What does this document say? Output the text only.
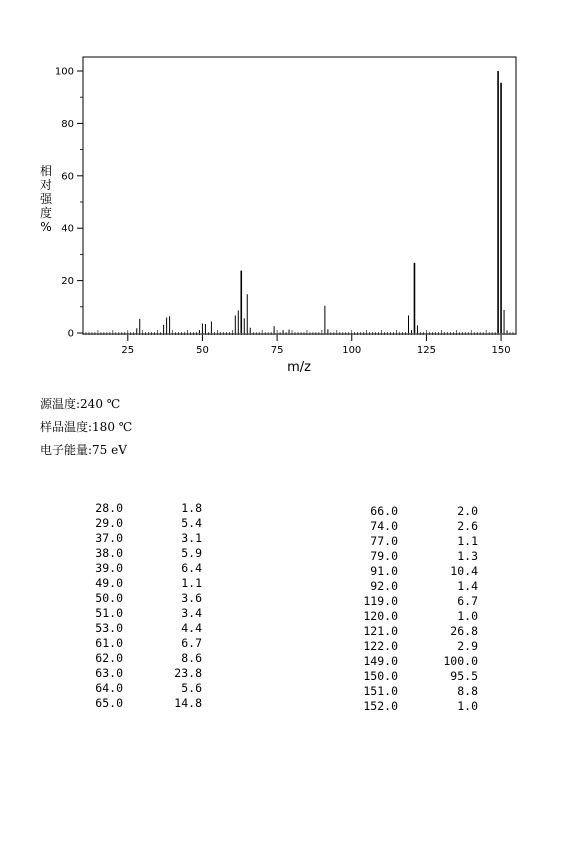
25	50	75	100	125	150
0
20
40
60
80
100
m/z
相对强度%
源温度:240 ℃
样品温度:180 ℃
电子能量:75 eV
28.0	1.8
29.0	5.4
37.0	3.1
38.0	5.9
39.0	6.4
49.0	1.1
50.0	3.6
51.0	3.4
53.0	4.4
61.0	6.7
62.0	8.6
63.0	23.8
64.0	5.6
65.0	14.8
66.0	2.0
74.0	2.6
77.0	1.1
79.0	1.3
91.0	10.4
92.0	1.4
119.0	6.7
120.0	1.0
121.0	26.8
122.0	2.9
149.0	100.0
150.0	95.5
151.0	8.8
152.0	1.0
